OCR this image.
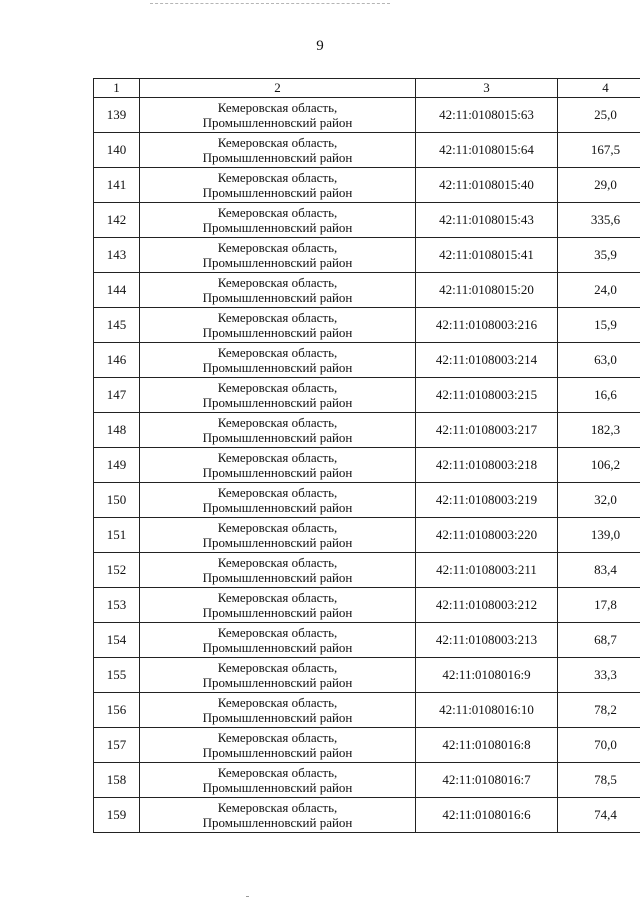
9
1	2	3	4
139	Кемеровская область,
Промышленновский район	42:11:0108015:63	25,0
140	Кемеровская область,
Промышленновский район	42:11:0108015:64	167,5
141	Кемеровская область,
Промышленновский район	42:11:0108015:40	29,0
142	Кемеровская область,
Промышленновский район	42:11:0108015:43	335,6
143	Кемеровская область,
Промышленновский район	42:11:0108015:41	35,9
144	Кемеровская область,
Промышленновский район	42:11:0108015:20	24,0
145	Кемеровская область,
Промышленновский район	42:11:0108003:216	15,9
146	Кемеровская область,
Промышленновский район	42:11:0108003:214	63,0
147	Кемеровская область,
Промышленновский район	42:11:0108003:215	16,6
148	Кемеровская область,
Промышленновский район	42:11:0108003:217	182,3
149	Кемеровская область,
Промышленновский район	42:11:0108003:218	106,2
150	Кемеровская область,
Промышленновский район	42:11:0108003:219	32,0
151	Кемеровская область,
Промышленновский район	42:11:0108003:220	139,0
152	Кемеровская область,
Промышленновский район	42:11:0108003:211	83,4
153	Кемеровская область,
Промышленновский район	42:11:0108003:212	17,8
154	Кемеровская область,
Промышленновский район	42:11:0108003:213	68,7
155	Кемеровская область,
Промышленновский район	42:11:0108016:9	33,3
156	Кемеровская область,
Промышленновский район	42:11:0108016:10	78,2
157	Кемеровская область,
Промышленновский район	42:11:0108016:8	70,0
158	Кемеровская область,
Промышленновский район	42:11:0108016:7	78,5
159	Кемеровская область,
Промышленновский район	42:11:0108016:6	74,4
